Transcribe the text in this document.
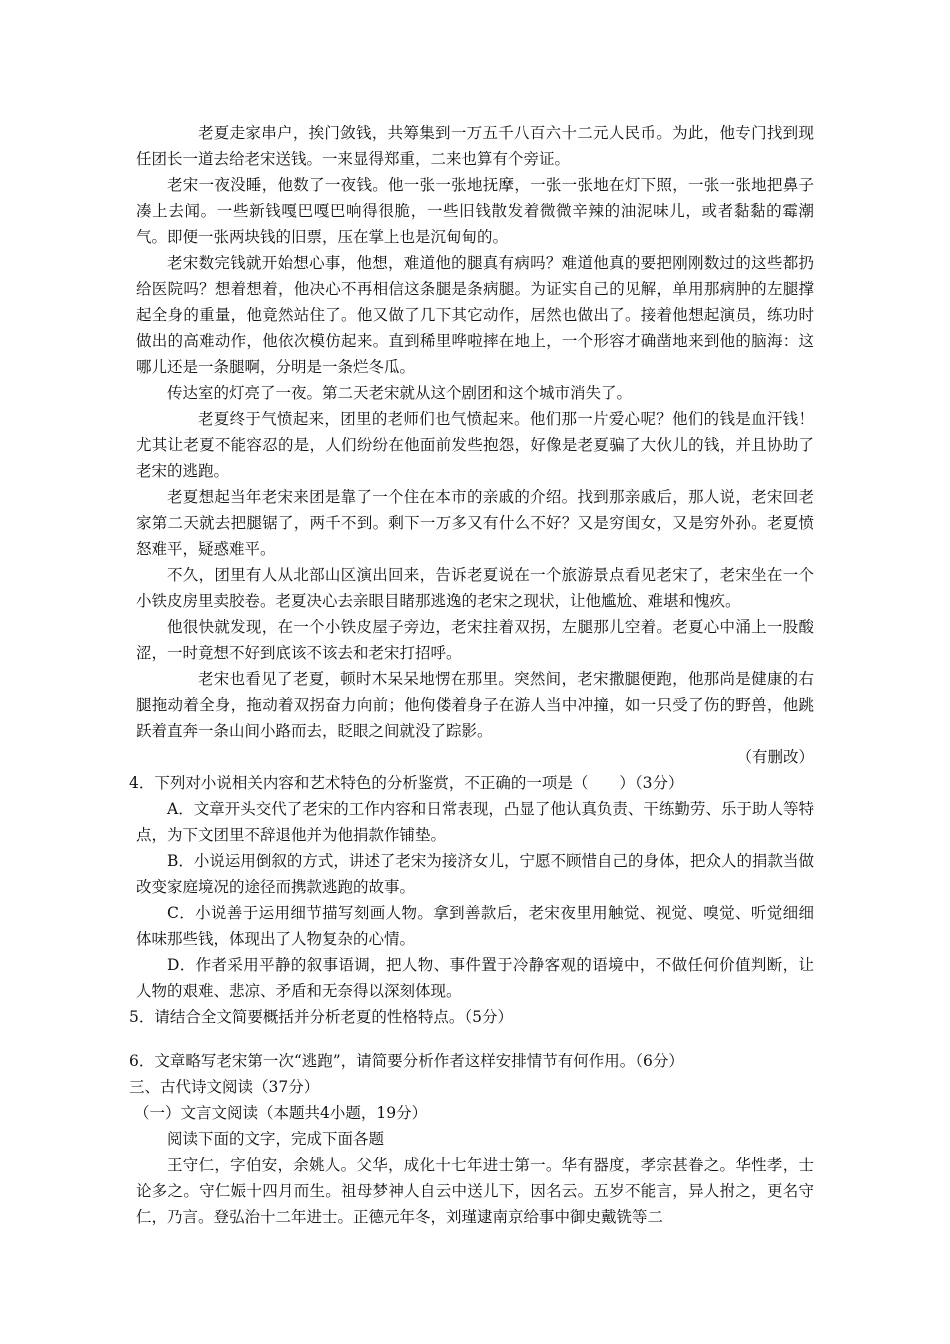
老夏走家串户，挨门敛钱，共筹集到一万五千八百六十二元人民币。为此，他专门找到现任团长一道去给老宋送钱。一来显得郑重，二来也算有个旁证。

老宋一夜没睡，他数了一夜钱。他一张一张地抚摩，一张一张地在灯下照，一张一张地把鼻子凑上去闻。一些新钱嘎巴嘎巴响得很脆，一些旧钱散发着微微辛辣的油泥味儿，或者黏黏的霉潮气。即便一张两块钱的旧票，压在掌上也是沉甸甸的。

老宋数完钱就开始想心事，他想，难道他的腿真有病吗？难道他真的要把刚刚数过的这些都扔给医院吗？想着想着，他决心不再相信这条腿是条病腿。为证实自己的见解，单用那病肿的左腿撑起全身的重量，他竟然站住了。他又做了几下其它动作，居然也做出了。接着他想起演员，练功时做出的高难动作，他依次模仿起来。直到稀里哗啦摔在地上，一个形容才确凿地来到他的脑海：这哪儿还是一条腿啊，分明是一条烂冬瓜。

传达室的灯亮了一夜。第二天老宋就从这个剧团和这个城市消失了。

老夏终于气愤起来，团里的老师们也气愤起来。他们那一片爱心呢？他们的钱是血汗钱！尤其让老夏不能容忍的是，人们纷纷在他面前发些抱怨，好像是老夏骗了大伙儿的钱，并且协助了老宋的逃跑。

老夏想起当年老宋来团是靠了一个住在本市的亲戚的介绍。找到那亲戚后，那人说，老宋回老家第二天就去把腿锯了，两千不到。剩下一万多又有什么不好？又是穷闺女，又是穷外孙。老夏愤怒难平，疑惑难平。

不久，团里有人从北部山区演出回来，告诉老夏说在一个旅游景点看见老宋了，老宋坐在一个小铁皮房里卖胶卷。老夏决心去亲眼目睹那逃逸的老宋之现状，让他尴尬、难堪和愧疚。

他很快就发现，在一个小铁皮屋子旁边，老宋拄着双拐，左腿那儿空着。老夏心中涌上一股酸涩，一时竟想不好到底该不该去和老宋打招呼。

老宋也看见了老夏，顿时木呆呆地愣在那里。突然间，老宋撒腿便跑，他那尚是健康的右腿拖动着全身，拖动着双拐奋力向前；他佝偻着身子在游人当中冲撞，如一只受了伤的野兽，他跳跃着直奔一条山间小路而去，眨眼之间就没了踪影。

（有删改）

4．下列对小说相关内容和艺术特色的分析鉴赏，不正确的一项是（　　）（3分）

A．文章开头交代了老宋的工作内容和日常表现，凸显了他认真负责、干练勤劳、乐于助人等特点，为下文团里不辞退他并为他捐款作铺垫。

B．小说运用倒叙的方式，讲述了老宋为接济女儿，宁愿不顾惜自己的身体，把众人的捐款当做改变家庭境况的途径而携款逃跑的故事。

C．小说善于运用细节描写刻画人物。拿到善款后，老宋夜里用触觉、视觉、嗅觉、听觉细细体味那些钱，体现出了人物复杂的心情。

D．作者采用平静的叙事语调，把人物、事件置于冷静客观的语境中，不做任何价值判断，让人物的艰难、悲凉、矛盾和无奈得以深刻体现。

5．请结合全文简要概括并分析老夏的性格特点。（5分）

6．文章略写老宋第一次“逃跑”，请简要分析作者这样安排情节有何作用。（6分）

三、古代诗文阅读（37分）

（一）文言文阅读（本题共4小题，19分）

阅读下面的文字，完成下面各题

王守仁，字伯安，余姚人。父华，成化十七年进士第一。华有器度，孝宗甚眷之。华性孝，士论多之。守仁娠十四月而生。祖母梦神人自云中送儿下，因名云。五岁不能言，异人拊之，更名守仁，乃言。登弘治十二年进士。正德元年冬，刘瑾逮南京给事中御史戴铣等二
